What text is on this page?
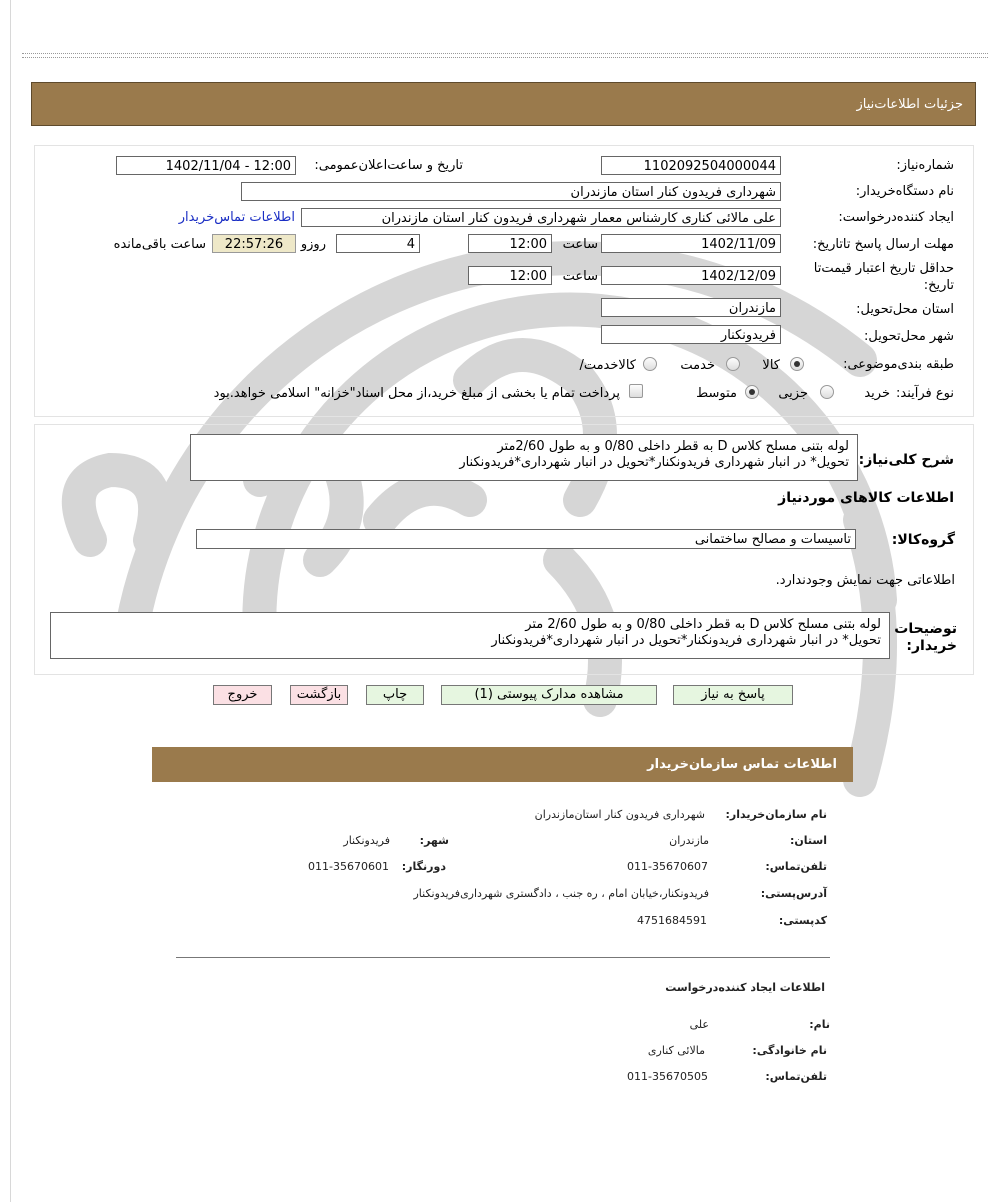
جزئیات اطلاعات‌نیاز
شماره‌نیاز:
1102092504000044
تاریخ و ساعت‌اعلان‌عمومی:
1402/11/04 - 12:00
نام دستگاه‌خریدار:
شهرداری فریدون کنار استان مازندران
ایجاد کننده‌درخواست:
علی مالائی کناری کارشناس معمار شهرداری فریدون کنار استان مازندران
اطلاعات تماس‌خریدار
مهلت ارسال پاسخ تا‌تاریخ:
1402/11/09
ساعت
12:00
4
روزو
22:57:26
ساعت باقی‌مانده
حداقل تاریخ اعتبار قیمت‌تا
تاریخ:
1402/12/09
ساعت
12:00
استان محل‌تحویل:
مازندران
شهر محل‌تحویل:
فریدونکنار
طبقه بندی‌موضوعی:
کالا
خدمت
کالا‌خدمت/
نوع فرآیند:
خرید
جزیی
متوسط
پرداخت تمام یا بخشی از مبلغ خرید،از محل اسناد"خزانه" اسلامی خواهد.بود
شرح کلی‌نیاز:
لوله بتنی مسلح کلاس D به قطر داخلی 0/80 و به طول 2/60متر
تحویل* در انبار شهرداری فریدونکنار*تحویل در انبار شهرداری*فریدونکنار
اطلاعات کالاهای مورد‌نیاز
گروه‌کالا:
تاسیسات و مصالح ساختمانی
اطلاعاتی جهت نمایش وجود‌ندارد.
توضیحات
خریدار:
لوله بتنی مسلح کلاس D به قطر داخلی 0/80 و به طول 2/60 متر
تحویل* در انبار شهرداری فریدونکنار*تحویل در انبار شهرداری*فریدونکنار
پاسخ به نیاز
مشاهده مدارک پیوستی (1)
چاپ
بازگشت
خروج
اطلاعات تماس سازمان‌خریدار
نام سازمان‌خریدار:
شهرداری فریدون کنار استان‌مازندران
استان:
مازندران
شهر:
فریدونکنار
تلفن‌تماس:
011-35670607
دورنگار:
011-35670601
آدرس‌پستی:
فریدونکنار،خیابان امام ، ره جنب ، دادگستری شهرداری‌فریدونکنار
کد‌پستی:
4751684591
اطلاعات ایجاد کننده‌درخواست
نام:
علی
نام خانوادگی:
مالائی کناری
تلفن‌تماس:
011-35670505
